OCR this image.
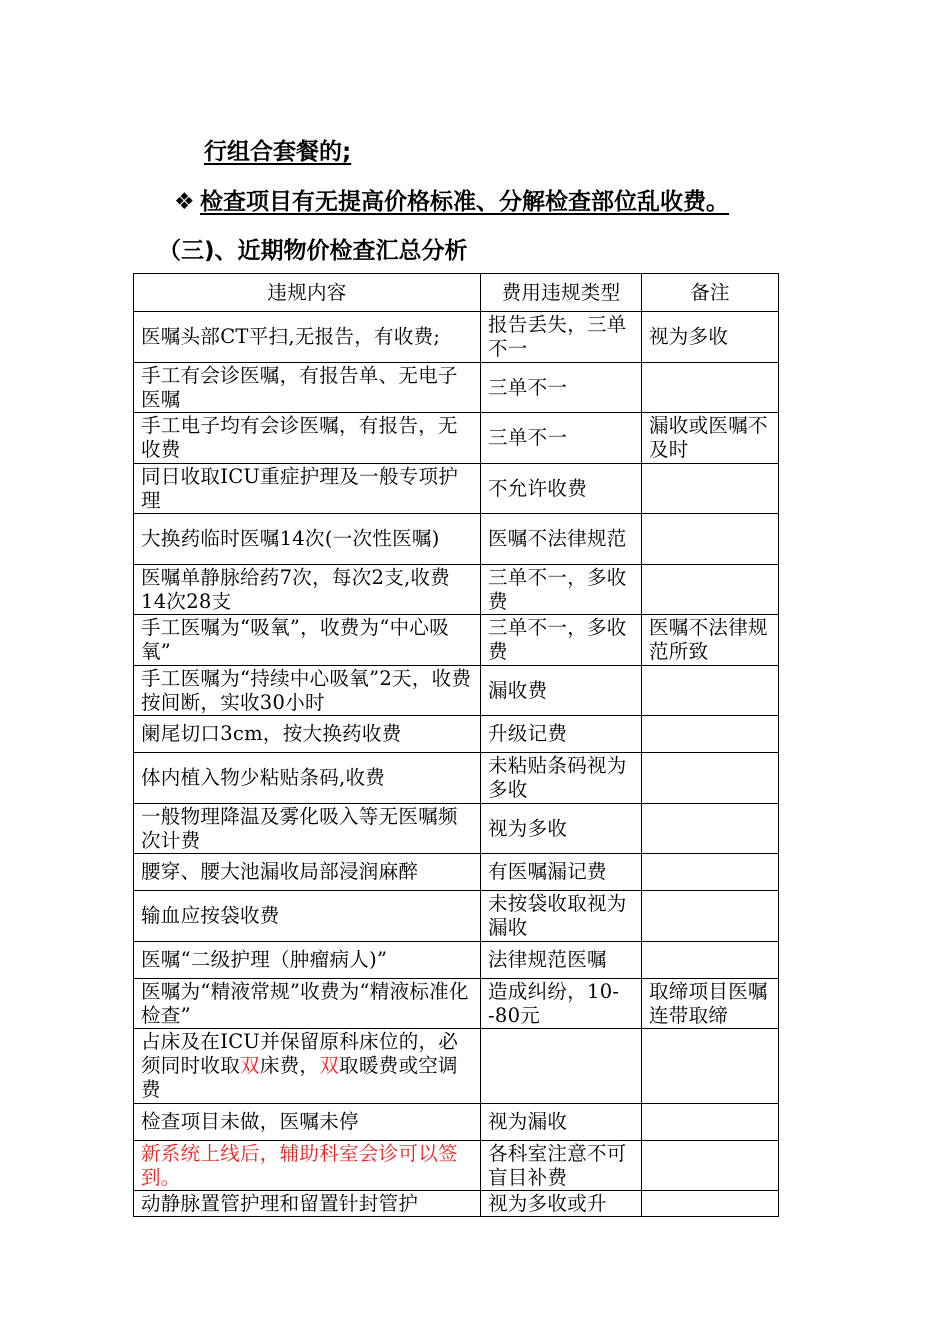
行组合套餐的;
❖ 检查项目有无提高价格标准、分解检查部位乱收费。
（三)、近期物价检查汇总分析
违规内容	费用违规类型	备注
医嘱头部CT平扫,无报告，有收费;	报告丢失，三单不一	视为多收
手工有会诊医嘱，有报告单、无电子医嘱	三单不一	
手工电子均有会诊医嘱，有报告，无收费	三单不一	漏收或医嘱不及时
同日收取ICU重症护理及一般专项护理	不允许收费	
大换药临时医嘱14次(一次性医嘱)	医嘱不法律规范	
医嘱单静脉给药7次，每次2支,收费14次28支	三单不一，多收费	
手工医嘱为“吸氧”，收费为“中心吸氧”	三单不一，多收费	医嘱不法律规范所致
手工医嘱为“持续中心吸氧”2天，收费按间断，实收30小时	漏收费	
阑尾切口3cm，按大换药收费	升级记费	
体内植入物少粘贴条码,收费	未粘贴条码视为多收	
一般物理降温及雾化吸入等无医嘱频次计费	视为多收	
腰穿、腰大池漏收局部浸润麻醉	有医嘱漏记费	
输血应按袋收费	未按袋收取视为漏收	
医嘱“二级护理（肿瘤病人)”	法律规范医嘱	
医嘱为“精液常规”收费为“精液标准化检查”	造成纠纷，10--80元	取缔项目医嘱连带取缔
占床及在ICU并保留原科床位的，必须同时收取双床费，双取暖费或空调费		
检查项目未做，医嘱未停	视为漏收	
新系统上线后，辅助科室会诊可以签到。	各科室注意不可盲目补费	
动静脉置管护理和留置针封管护	视为多收或升	
